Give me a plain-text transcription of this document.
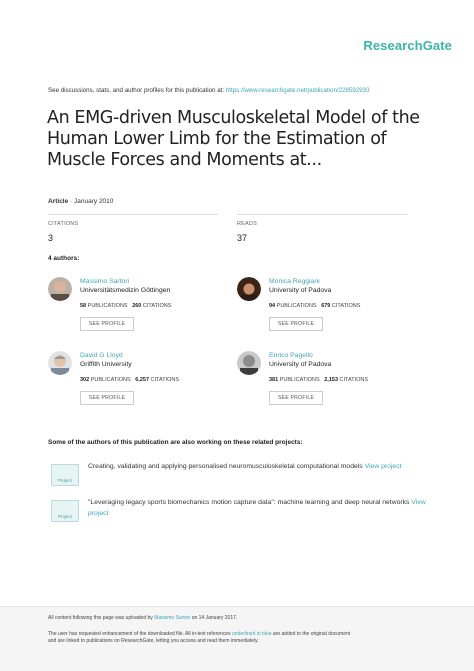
ResearchGate
See discussions, stats, and author profiles for this publication at: https://www.researchgate.net/publication/228592933
An EMG-driven Musculoskeletal Model of the Human Lower Limb for the Estimation of Muscle Forces and Moments at...
Article · January 2010
CITATIONS
3
READS
37
4 authors:
Massimo Sartori
Universitätsmedizin Göttingen
58 PUBLICATIONS 260 CITATIONS
SEE PROFILE
Monica Reggiani
University of Padova
94 PUBLICATIONS 679 CITATIONS
SEE PROFILE
David G Lloyd
Griffith University
302 PUBLICATIONS 6,257 CITATIONS
SEE PROFILE
Enrico Pagello
University of Padova
381 PUBLICATIONS 2,153 CITATIONS
SEE PROFILE
Some of the authors of this publication are also working on these related projects:
Project
Creating, validating and applying personalised neuromusculoskeletal computational models View project
Project
"Leveraging legacy sports biomechanics motion capture data": machine learning and deep neural networks View project

All content following this page was uploaded by Massimo Sartori on 14 January 2017.

The user has requested enhancement of the downloaded file. All in-text references underlined in blue are added to the original document

and are linked to publications on ResearchGate, letting you access and read them immediately.
